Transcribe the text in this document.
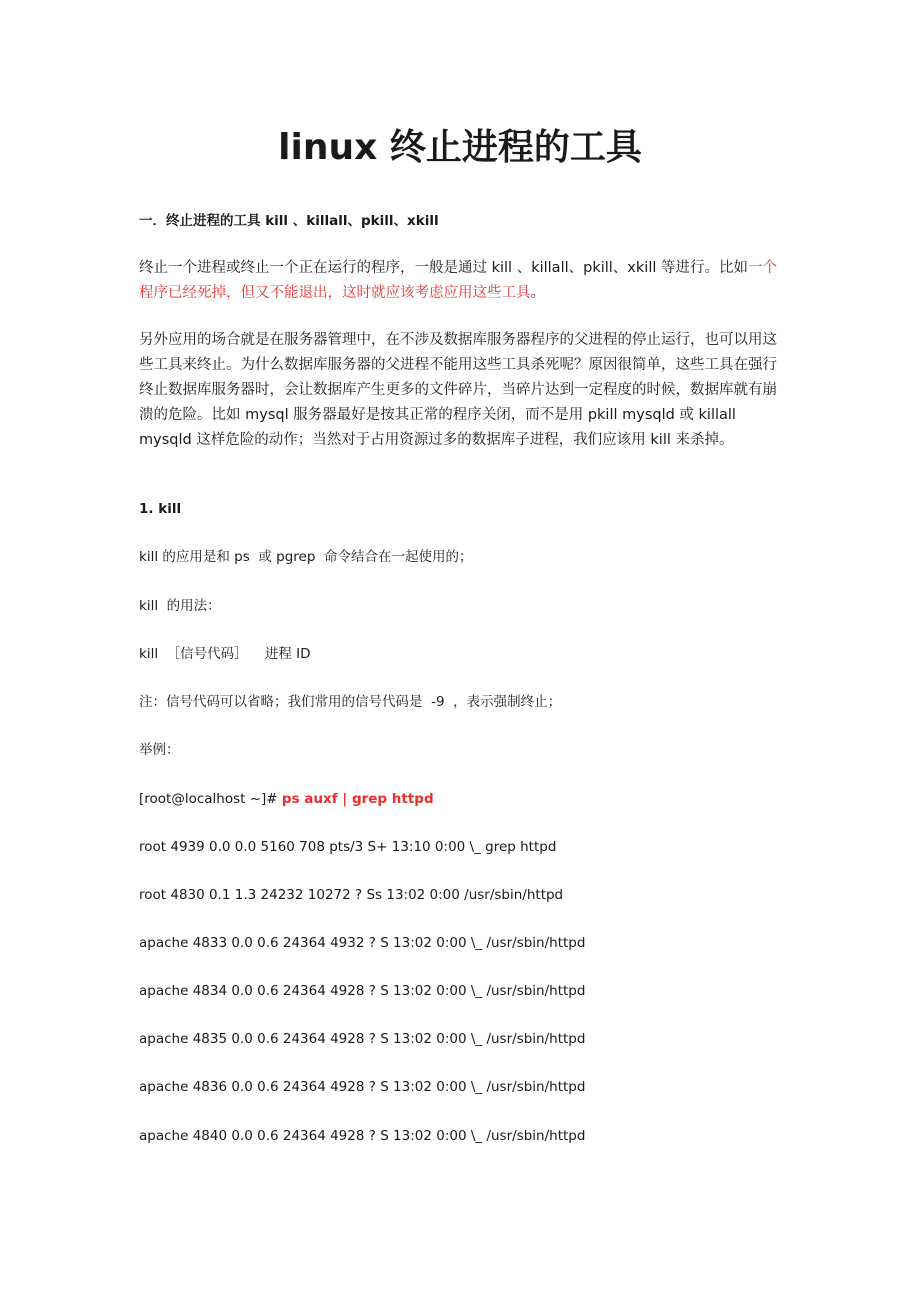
linux 终止进程的工具

一．终止进程的工具 kill 、killall、pkill、xkill

终止一个进程或终止一个正在运行的程序，一般是通过 kill 、killall、pkill、xkill 等进行。比如一个程序已经死掉，但又不能退出，这时就应该考虑应用这些工具。

另外应用的场合就是在服务器管理中，在不涉及数据库服务器程序的父进程的停止运行，也可以用这些工具来终止。为什么数据库服务器的父进程不能用这些工具杀死呢？原因很简单，这些工具在强行终止数据库服务器时，会让数据库产生更多的文件碎片，当碎片达到一定程度的时候，数据库就有崩溃的危险。比如 mysql 服务器最好是按其正常的程序关闭，而不是用 pkill mysqld 或 killall mysqld 这样危险的动作；当然对于占用资源过多的数据库子进程，我们应该用 kill 来杀掉。

1. kill

kill 的应用是和 ps  或 pgrep  命令结合在一起使用的；

kill  的用法：

kill  ［信号代码］    进程 ID

注：信号代码可以省略；我们常用的信号代码是  -9  ，表示强制终止；

举例：

[root@localhost ~]# ps auxf | grep httpd

root 4939 0.0 0.0 5160 708 pts/3 S+ 13:10 0:00 \_ grep httpd

root 4830 0.1 1.3 24232 10272 ? Ss 13:02 0:00 /usr/sbin/httpd

apache 4833 0.0 0.6 24364 4932 ? S 13:02 0:00 \_ /usr/sbin/httpd

apache 4834 0.0 0.6 24364 4928 ? S 13:02 0:00 \_ /usr/sbin/httpd

apache 4835 0.0 0.6 24364 4928 ? S 13:02 0:00 \_ /usr/sbin/httpd

apache 4836 0.0 0.6 24364 4928 ? S 13:02 0:00 \_ /usr/sbin/httpd

apache 4840 0.0 0.6 24364 4928 ? S 13:02 0:00 \_ /usr/sbin/httpd
